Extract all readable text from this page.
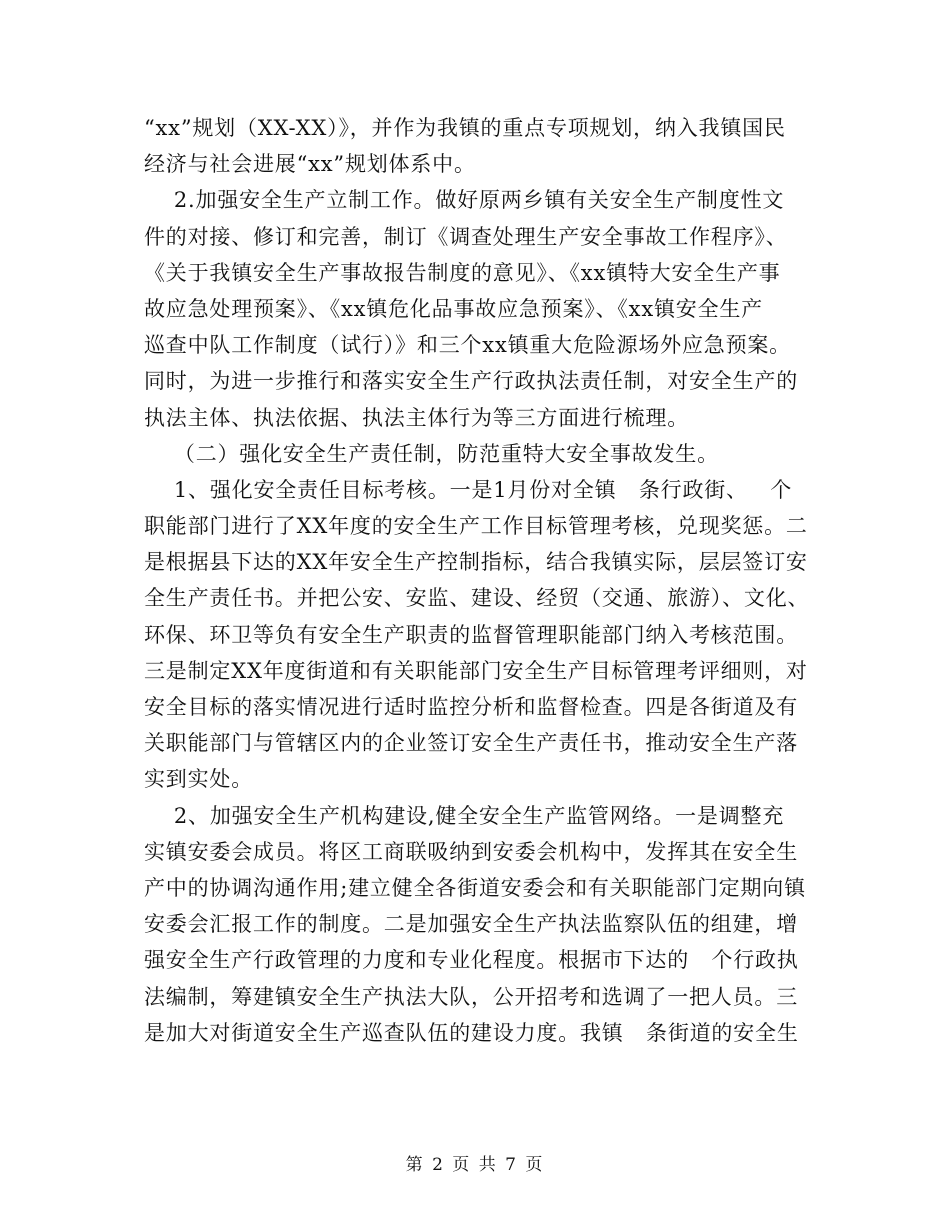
“xx”规划（XX-XX）》，并作为我镇的重点专项规划，纳入我镇国民
经济与社会进展“xx”规划体系中。
2.加强安全生产立制工作。做好原两乡镇有关安全生产制度性文
件的对接、修订和完善，制订《调查处理生产安全事故工作程序》、
《关于我镇安全生产事故报告制度的意见》、《xx镇特大安全生产事
故应急处理预案》、《xx镇危化品事故应急预案》、《xx镇安全生产
巡查中队工作制度（试行）》和三个xx镇重大危险源场外应急预案。
同时，为进一步推行和落实安全生产行政执法责任制，对安全生产的
执法主体、执法依据、执法主体行为等三方面进行梳理。
（二）强化安全生产责任制，防范重特大安全事故发生。
1、强化安全责任目标考核。一是1月份对全镇   条行政街、   个
职能部门进行了XX年度的安全生产工作目标管理考核，兑现奖惩。二
是根据县下达的XX年安全生产控制指标，结合我镇实际，层层签订安
全生产责任书。并把公安、安监、建设、经贸（交通、旅游）、文化、
环保、环卫等负有安全生产职责的监督管理职能部门纳入考核范围。
三是制定XX年度街道和有关职能部门安全生产目标管理考评细则，对
安全目标的落实情况进行适时监控分析和监督检查。四是各街道及有
关职能部门与管辖区内的企业签订安全生产责任书，推动安全生产落
实到实处。
2、加强安全生产机构建设,健全安全生产监管网络。一是调整充
实镇安委会成员。将区工商联吸纳到安委会机构中，发挥其在安全生
产中的协调沟通作用;建立健全各街道安委会和有关职能部门定期向镇
安委会汇报工作的制度。二是加强安全生产执法监察队伍的组建，增
强安全生产行政管理的力度和专业化程度。根据市下达的   个行政执
法编制，筹建镇安全生产执法大队，公开招考和选调了一把人员。三
是加大对街道安全生产巡查队伍的建设力度。我镇   条街道的安全生
第 2 页 共 7 页
